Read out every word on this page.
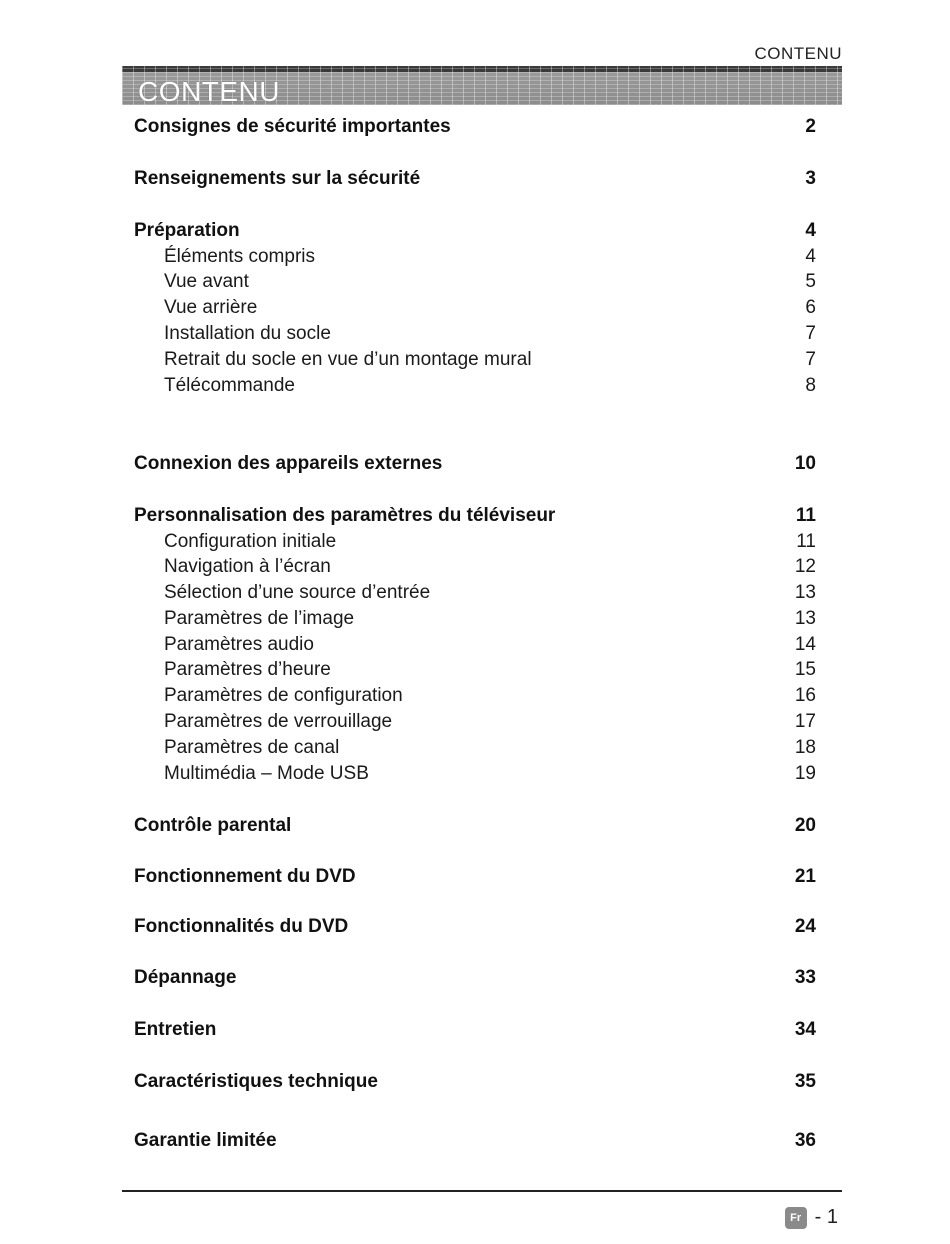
CONTENU
CONTENU
Consignes de sécurité importantes	2
Renseignements sur la sécurité	3
Préparation	4
Éléments compris	4
Vue avant	5
Vue arrière	6
Installation du socle	7
Retrait du socle en vue d’un montage mural	7
Télécommande	8
Connexion des appareils externes	10
Personnalisation des paramètres du téléviseur	11
Configuration initiale	11
Navigation à l’écran	12
Sélection d’une source d’entrée	13
Paramètres de l’image	13
Paramètres audio	14
Paramètres d’heure	15
Paramètres de configuration	16
Paramètres de verrouillage	17
Paramètres de canal	18
Multimédia – Mode USB	19
Contrôle parental	20
Fonctionnement du DVD	21
Fonctionnalités du DVD	24
Dépannage	33
Entretien	34
Caractéristiques technique	35
Garantie limitée	36
Fr - 1
